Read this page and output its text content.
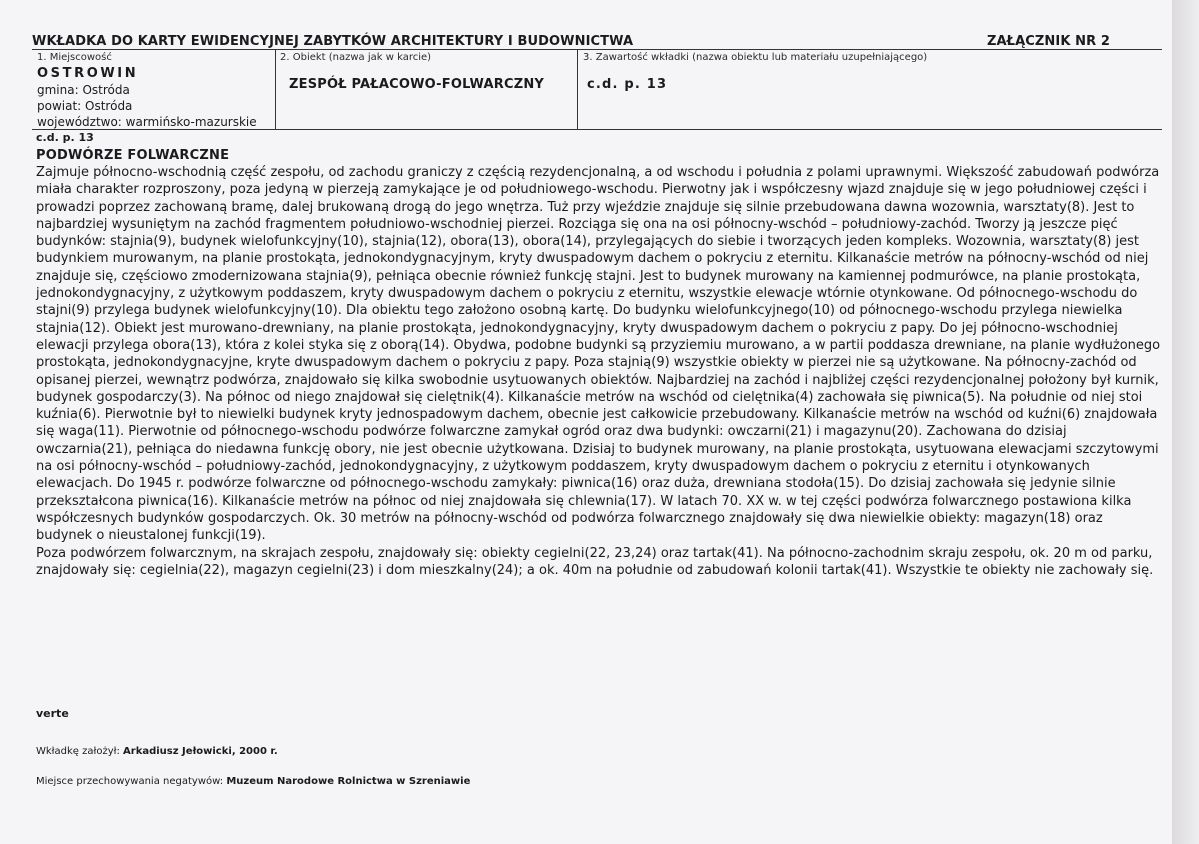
WKŁADKA DO KARTY EWIDENCYJNEJ ZABYTKÓW ARCHITEKTURY I BUDOWNICTWA	ZAŁĄCZNIK NR 2
1. Miejscowość
OSTROWIN
gmina: Ostróda
powiat: Ostróda
województwo: warmińsko-mazurskie
2. Obiekt (nazwa jak w karcie)
ZESPÓŁ PAŁACOWO-FOLWARCZNY
3. Zawartość wkładki (nazwa obiektu lub materiału uzupełniającego)
c.d. p. 13
c.d. p. 13
PODWÓRZE FOLWARCZNE

Zajmuje północno-wschodnią część zespołu, od zachodu graniczy z częścią rezydencjonalną, a od wschodu i południa z polami uprawnymi. Większość zabudowań podwórza miała charakter rozproszony, poza jedyną w pierzeją zamykające je od południowego-wschodu. Pierwotny jak i współczesny wjazd znajduje się w jego południowej części i prowadzi poprzez zachowaną bramę, dalej brukowaną drogą do jego wnętrza. Tuż przy wjeździe znajduje się silnie przebudowana dawna wozownia, warsztaty(8). Jest to najbardziej wysuniętym na zachód fragmentem południowo-wschodniej pierzei. Rozciąga się ona na osi północny-wschód – południowy-zachód. Tworzy ją jeszcze pięć budynków: stajnia(9), budynek wielofunkcyjny(10), stajnia(12), obora(13), obora(14), przylegających do siebie i tworzących jeden kompleks. Wozownia, warsztaty(8) jest budynkiem murowanym, na planie prostokąta, jednokondygnacyjnym, kryty dwuspadowym dachem o pokryciu z eternitu. Kilkanaście metrów na północny-wschód od niej znajduje się, częściowo zmodernizowana stajnia(9), pełniąca obecnie również funkcję stajni. Jest to budynek murowany na kamiennej podmurówce, na planie prostokąta, jednokondygnacyjny, z użytkowym poddaszem, kryty dwuspadowym dachem o pokryciu z eternitu, wszystkie elewacje wtórnie otynkowane. Od północnego-wschodu do stajni(9) przylega budynek wielofunkcyjny(10). Dla obiektu tego założono osobną kartę. Do budynku wielofunkcyjnego(10) od północnego-wschodu przylega niewielka stajnia(12). Obiekt jest murowano-drewniany, na planie prostokąta, jednokondygnacyjny, kryty dwuspadowym dachem o pokryciu z papy. Do jej północno-wschodniej elewacji przylega obora(13), która z kolei styka się z oborą(14). Obydwa, podobne budynki są przyziemiu murowano, a w partii poddasza drewniane, na planie wydłużonego prostokąta, jednokondygnacyjne, kryte dwuspadowym dachem o pokryciu z papy. Poza stajnią(9) wszystkie obiekty w pierzei nie są użytkowane. Na północny-zachód od opisanej pierzei, wewnątrz podwórza, znajdowało się kilka swobodnie usytuowanych obiektów. Najbardziej na zachód i najbliżej części rezydencjonalnej położony był kurnik, budynek gospodarczy(3). Na północ od niego znajdował się cielętnik(4). Kilkanaście metrów na wschód od cielętnika(4) zachowała się piwnica(5). Na południe od niej stoi kuźnia(6). Pierwotnie był to niewielki budynek kryty jednospadowym dachem, obecnie jest całkowicie przebudowany. Kilkanaście metrów na wschód od kuźni(6) znajdowała się waga(11). Pierwotnie od północnego-wschodu podwórze folwarczne zamykał ogród oraz dwa budynki: owczarni(21) i magazynu(20). Zachowana do dzisiaj owczarnia(21), pełniąca do niedawna funkcję obory, nie jest obecnie użytkowana. Dzisiaj to budynek murowany, na planie prostokąta, usytuowana elewacjami szczytowymi na osi północny-wschód – południowy-zachód, jednokondygnacyjny, z użytkowym poddaszem, kryty dwuspadowym dachem o pokryciu z eternitu i otynkowanych elewacjach. Do 1945 r. podwórze folwarczne od północnego-wschodu zamykały: piwnica(16) oraz duża, drewniana stodoła(15). Do dzisiaj zachowała się jedynie silnie przekształcona piwnica(16). Kilkanaście metrów na północ od niej znajdowała się chlewnia(17). W latach 70. XX w. w tej części podwórza folwarcznego postawiona kilka współczesnych budynków gospodarczych. Ok. 30 metrów na północny-wschód od podwórza folwarcznego znajdowały się dwa niewielkie obiekty: magazyn(18) oraz budynek o nieustalonej funkcji(19).

Poza podwórzem folwarcznym, na skrajach zespołu, znajdowały się: obiekty cegielni(22, 23,24) oraz tartak(41). Na północno-zachodnim skraju zespołu, ok. 20 m od parku, znajdowały się: cegielnia(22), magazyn cegielni(23) i dom mieszkalny(24); a ok. 40m na południe od zabudowań kolonii tartak(41). Wszystkie te obiekty nie zachowały się.

verte
Wkładkę założył: Arkadiusz Jełowicki, 2000 r.
Miejsce przechowywania negatywów: Muzeum Narodowe Rolnictwa w Szreniawie
